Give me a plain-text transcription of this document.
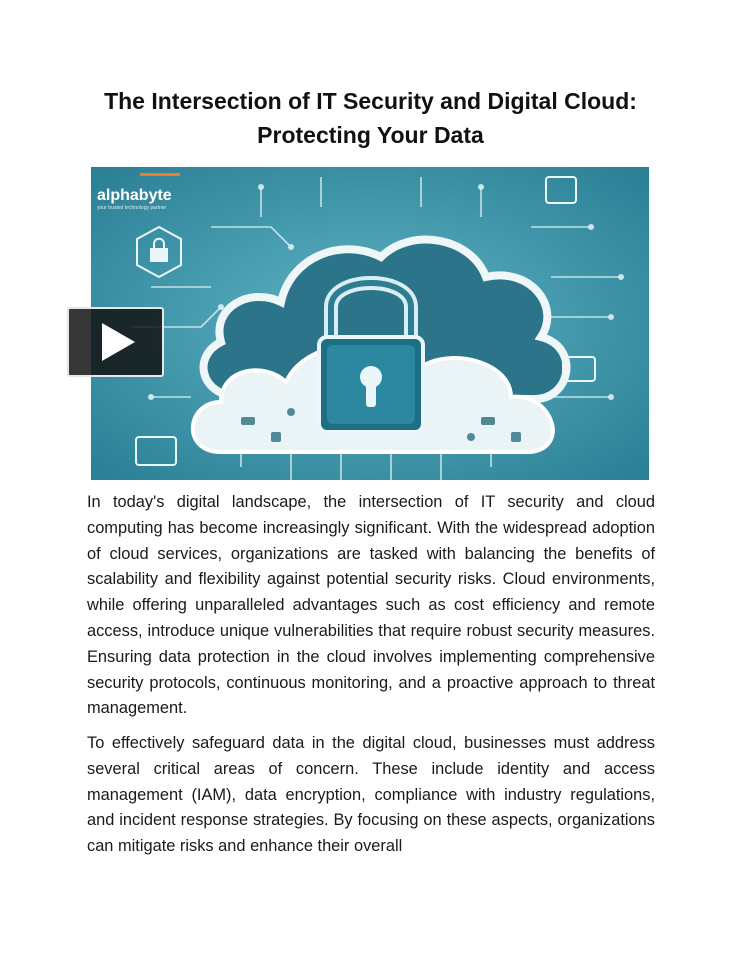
The Intersection of IT Security and Digital Cloud: Protecting Your Data
alphabyte
your trusted technology partner
In today's digital landscape, the intersection of IT security and cloud computing has become increasingly significant. With the widespread adoption of cloud services, organizations are tasked with balancing the benefits of scalability and flexibility against potential security risks. Cloud environments, while offering unparalleled advantages such as cost efficiency and remote access, introduce unique vulnerabilities that require robust security measures. Ensuring data protection in the cloud involves implementing comprehensive security protocols, continuous monitoring, and a proactive approach to threat management.
To effectively safeguard data in the digital cloud, businesses must address several critical areas of concern. These include identity and access management (IAM), data encryption, compliance with industry regulations, and incident response strategies. By focusing on these aspects, organizations can mitigate risks and enhance their overall
